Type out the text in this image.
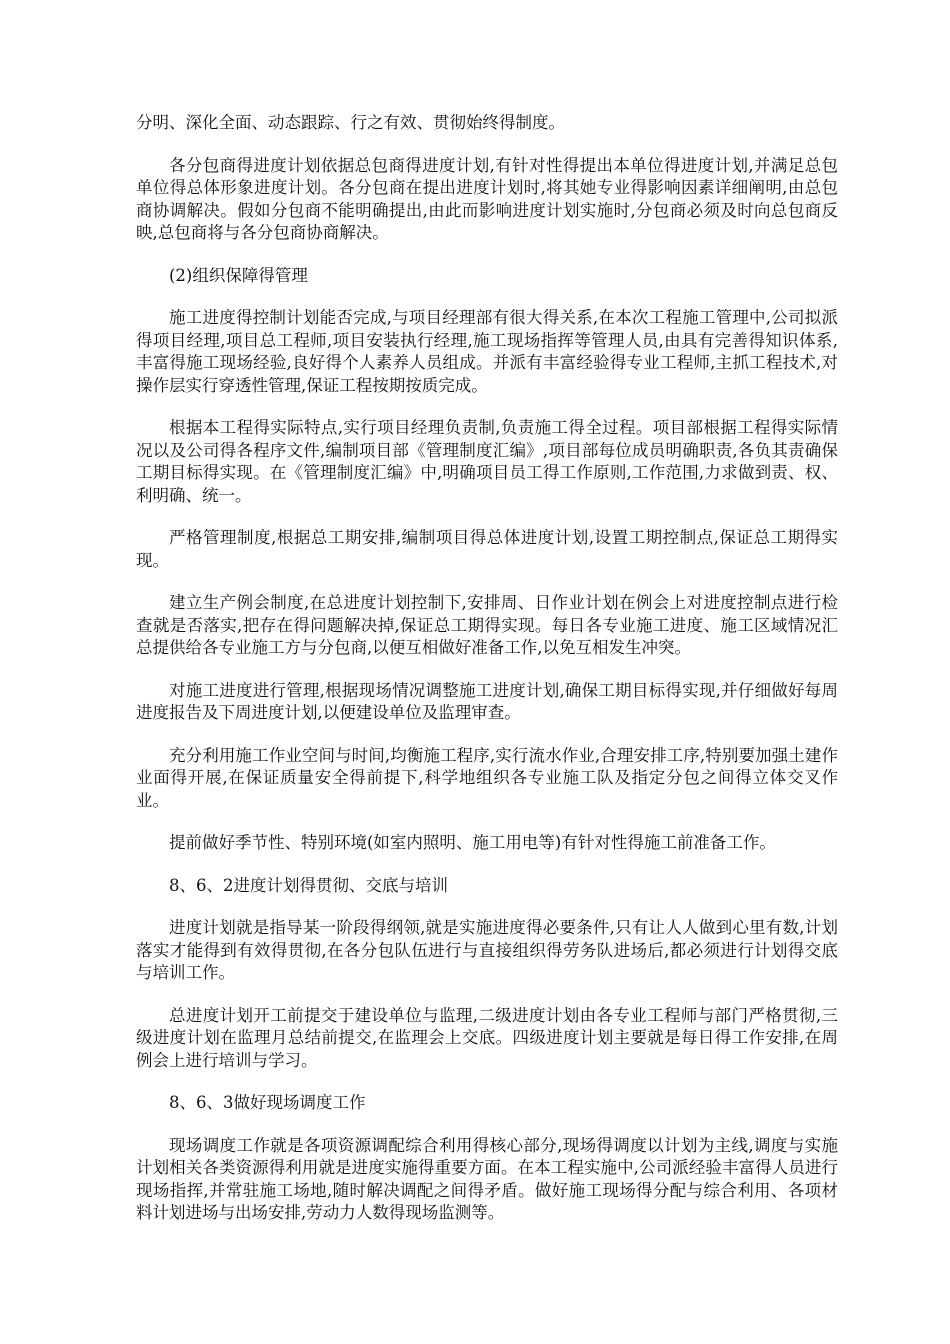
分明、深化全面、动态跟踪、行之有效、贯彻始终得制度。

各分包商得进度计划依据总包商得进度计划,有针对性得提出本单位得进度计划,并满足总包单位得总体形象进度计划。各分包商在提出进度计划时,将其她专业得影响因素详细阐明,由总包商协调解决。假如分包商不能明确提出,由此而影响进度计划实施时,分包商必须及时向总包商反映,总包商将与各分包商协商解决。

(2)组织保障得管理

施工进度得控制计划能否完成,与项目经理部有很大得关系,在本次工程施工管理中,公司拟派得项目经理,项目总工程师,项目安装执行经理,施工现场指挥等管理人员,由具有完善得知识体系,丰富得施工现场经验,良好得个人素养人员组成。并派有丰富经验得专业工程师,主抓工程技术,对操作层实行穿透性管理,保证工程按期按质完成。

根据本工程得实际特点,实行项目经理负责制,负责施工得全过程。项目部根据工程得实际情况以及公司得各程序文件,编制项目部《管理制度汇编》,项目部每位成员明确职责,各负其责确保工期目标得实现。在《管理制度汇编》中,明确项目员工得工作原则,工作范围,力求做到责、权、利明确、统一。

严格管理制度,根据总工期安排,编制项目得总体进度计划,设置工期控制点,保证总工期得实现。

建立生产例会制度,在总进度计划控制下,安排周、日作业计划在例会上对进度控制点进行检查就是否落实,把存在得问题解决掉,保证总工期得实现。每日各专业施工进度、施工区域情况汇总提供给各专业施工方与分包商,以便互相做好准备工作,以免互相发生冲突。

对施工进度进行管理,根据现场情况调整施工进度计划,确保工期目标得实现,并仔细做好每周进度报告及下周进度计划,以便建设单位及监理审查。

充分利用施工作业空间与时间,均衡施工程序,实行流水作业,合理安排工序,特别要加强土建作业面得开展,在保证质量安全得前提下,科学地组织各专业施工队及指定分包之间得立体交叉作业。

提前做好季节性、特别环境(如室内照明、施工用电等)有针对性得施工前准备工作。

8、6、2进度计划得贯彻、交底与培训

进度计划就是指导某一阶段得纲领,就是实施进度得必要条件,只有让人人做到心里有数,计划落实才能得到有效得贯彻,在各分包队伍进行与直接组织得劳务队进场后,都必须进行计划得交底与培训工作。

总进度计划开工前提交于建设单位与监理,二级进度计划由各专业工程师与部门严格贯彻,三级进度计划在监理月总结前提交,在监理会上交底。四级进度计划主要就是每日得工作安排,在周例会上进行培训与学习。

8、6、3做好现场调度工作

现场调度工作就是各项资源调配综合利用得核心部分,现场得调度以计划为主线,调度与实施计划相关各类资源得利用就是进度实施得重要方面。在本工程实施中,公司派经验丰富得人员进行现场指挥,并常驻施工场地,随时解决调配之间得矛盾。做好施工现场得分配与综合利用、各项材料计划进场与出场安排,劳动力人数得现场监测等。
